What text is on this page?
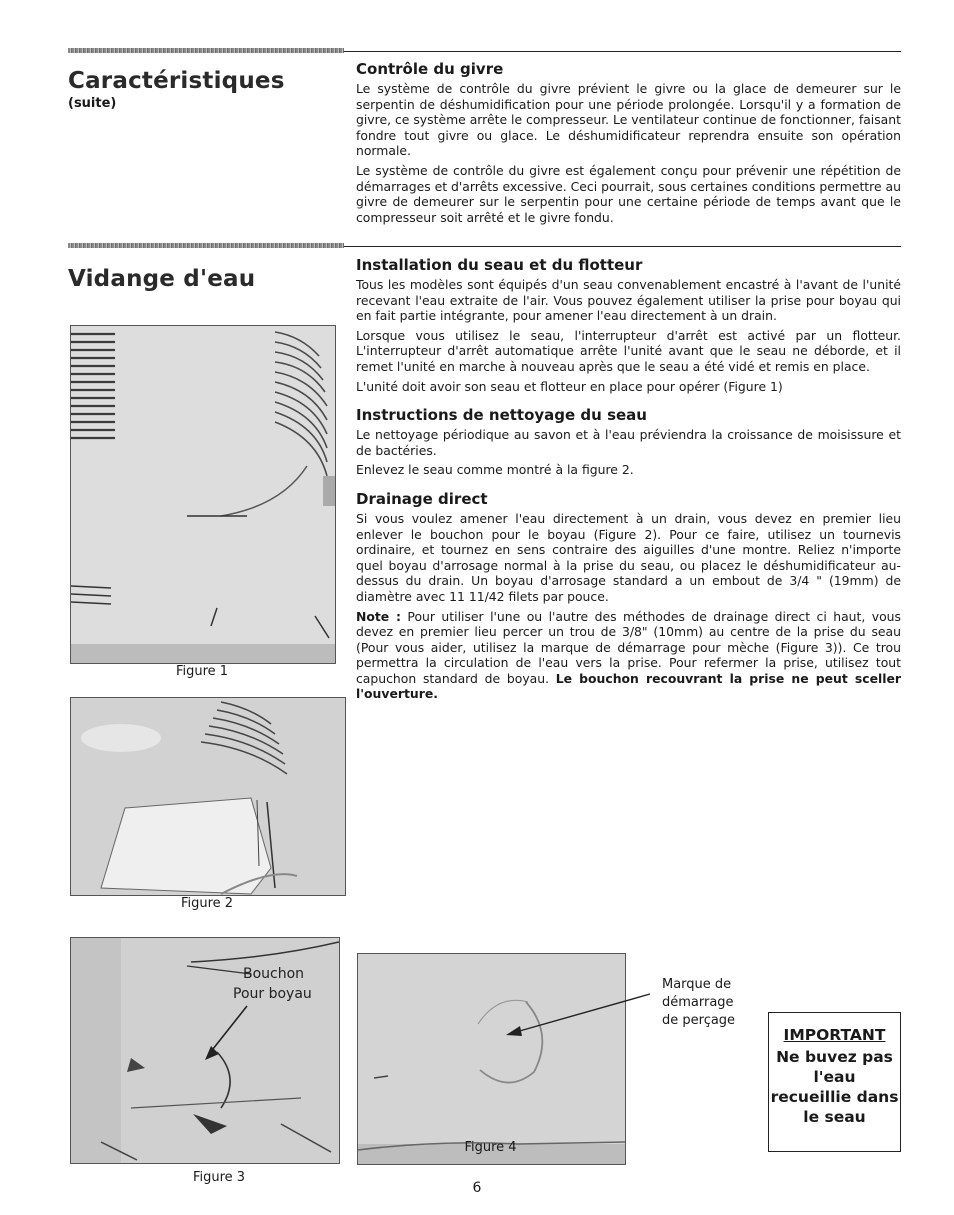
Caractéristiques
(suite)
Contrôle du givre

Le système de contrôle du givre prévient le givre ou la glace de demeurer sur le serpentin de déshumidification pour une période prolongée. Lorsqu'il y a formation de givre, ce système arrête le compresseur. Le ventilateur continue de fonctionner, faisant fondre tout givre ou glace. Le déshumidificateur reprendra ensuite son opération normale.

Le système de contrôle du givre est également conçu pour prévenir une répétition de démarrages et d'arrêts excessive. Ceci pourrait, sous certaines conditions permettre au givre de demeurer sur le serpentin pour une certaine période de temps avant que le compresseur soit arrêté et le givre fondu.

Vidange d'eau
Installation du seau et du flotteur

Tous les modèles sont équipés d'un seau convenablement encastré à l'avant de l'unité recevant l'eau extraite de l'air. Vous pouvez également utiliser la prise pour boyau qui en fait partie intégrante, pour amener l'eau directement à un drain.

Lorsque vous utilisez le seau, l'interrupteur d'arrêt est activé par un flotteur. L'interrupteur d'arrêt automatique arrête l'unité avant que le seau ne déborde, et il remet l'unité en marche à nouveau après que le seau a été vidé et remis en place.

L'unité doit avoir son seau et flotteur en place pour opérer (Figure 1)

Instructions de nettoyage du seau

Le nettoyage périodique au savon et à l'eau préviendra la croissance de moisissure et de bactéries.

Enlevez le seau comme montré à la figure 2.

Drainage direct

Si vous voulez amener l'eau directement à un drain, vous devez en premier lieu enlever le bouchon pour le boyau (Figure 2). Pour ce faire, utilisez un tournevis ordinaire, et tournez en sens contraire des aiguilles d'une montre. Reliez n'importe quel boyau d'arrosage normal à la prise du seau, ou placez le déshumidificateur au-dessus du drain. Un boyau d'arrosage standard a un embout de 3/4 " (19mm) de diamètre avec 11 11/42 filets par pouce.

Note : Pour utiliser l'une ou l'autre des méthodes de drainage direct ci haut, vous devez en premier lieu percer un trou de 3/8" (10mm) au centre de la prise du seau (Pour vous aider, utilisez la marque de démarrage pour mèche (Figure 3)). Ce trou permettra la circulation de l'eau vers la prise. Pour refermer la prise, utilisez tout capuchon standard de boyau. Le bouchon recouvrant la prise ne peut sceller l'ouverture.

Figure 1
Figure 2
Bouchon
Pour boyau
Figure 3
Figure 4
Marque de
démarrage
de perçage
IMPORTANT
Ne buvez pas
l'eau
recueillie dans
le seau
6
